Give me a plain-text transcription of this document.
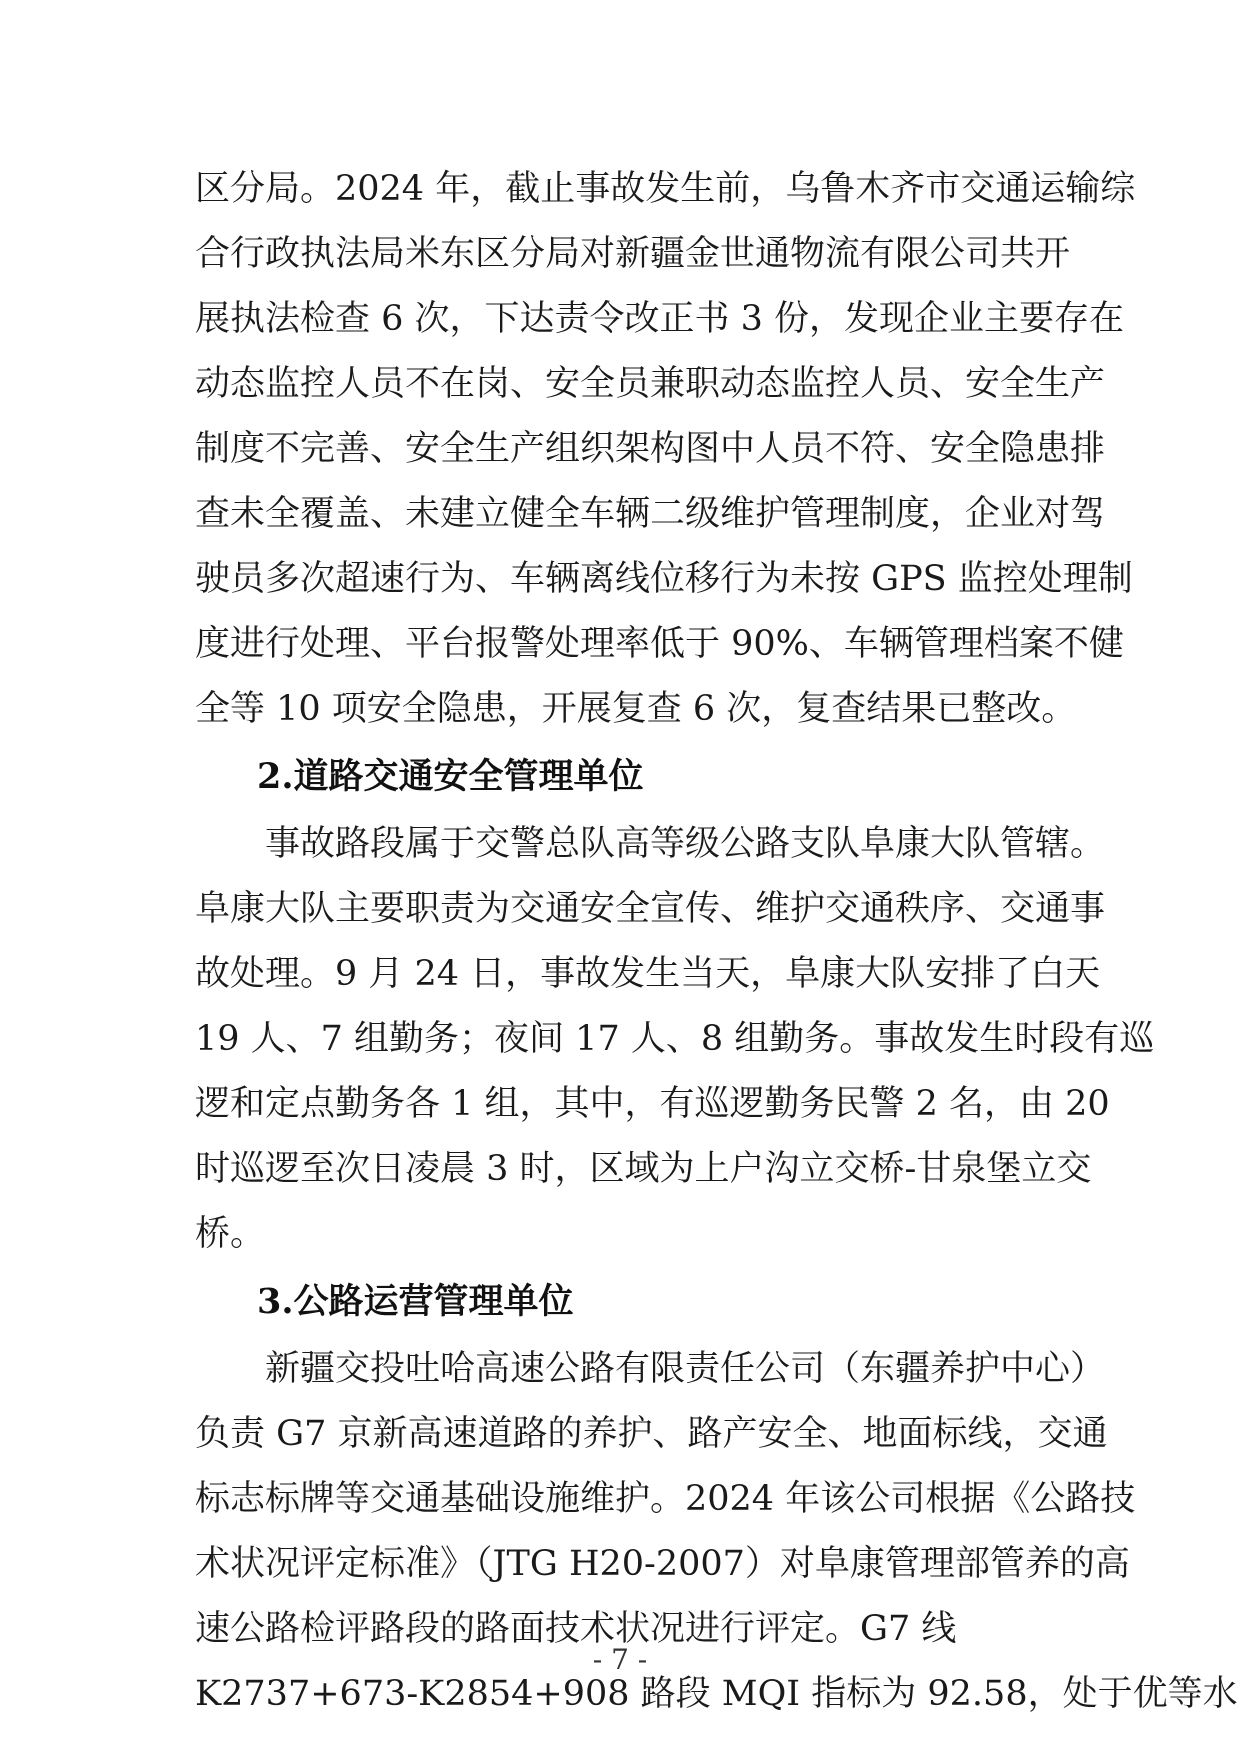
区分局。2024 年，截止事故发生前，乌鲁木齐市交通运输综
合行政执法局米东区分局对新疆金世通物流有限公司共开
展执法检查 6 次，下达责令改正书 3 份，发现企业主要存在
动态监控人员不在岗、安全员兼职动态监控人员、安全生产
制度不完善、安全生产组织架构图中人员不符、安全隐患排
查未全覆盖、未建立健全车辆二级维护管理制度，企业对驾
驶员多次超速行为、车辆离线位移行为未按 GPS 监控处理制
度进行处理、平台报警处理率低于 90%、车辆管理档案不健
全等 10 项安全隐患，开展复查 6 次，复查结果已整改。
2.道路交通安全管理单位
事故路段属于交警总队高等级公路支队阜康大队管辖。
阜康大队主要职责为交通安全宣传、维护交通秩序、交通事
故处理。9 月 24 日，事故发生当天，阜康大队安排了白天
19 人、7 组勤务；夜间 17 人、8 组勤务。事故发生时段有巡
逻和定点勤务各 1 组，其中，有巡逻勤务民警 2 名，由 20
时巡逻至次日凌晨 3 时，区域为上户沟立交桥-甘泉堡立交
桥。
3.公路运营管理单位
新疆交投吐哈高速公路有限责任公司（东疆养护中心）
负责 G7 京新高速道路的养护、路产安全、地面标线，交通
标志标牌等交通基础设施维护。2024 年该公司根据《公路技
术状况评定标准》（JTG H20-2007）对阜康管理部管养的高
速公路检评路段的路面技术状况进行评定。G7 线
K2737+673-K2854+908 路段 MQI 指标为 92.58，处于优等水
- 7 -
